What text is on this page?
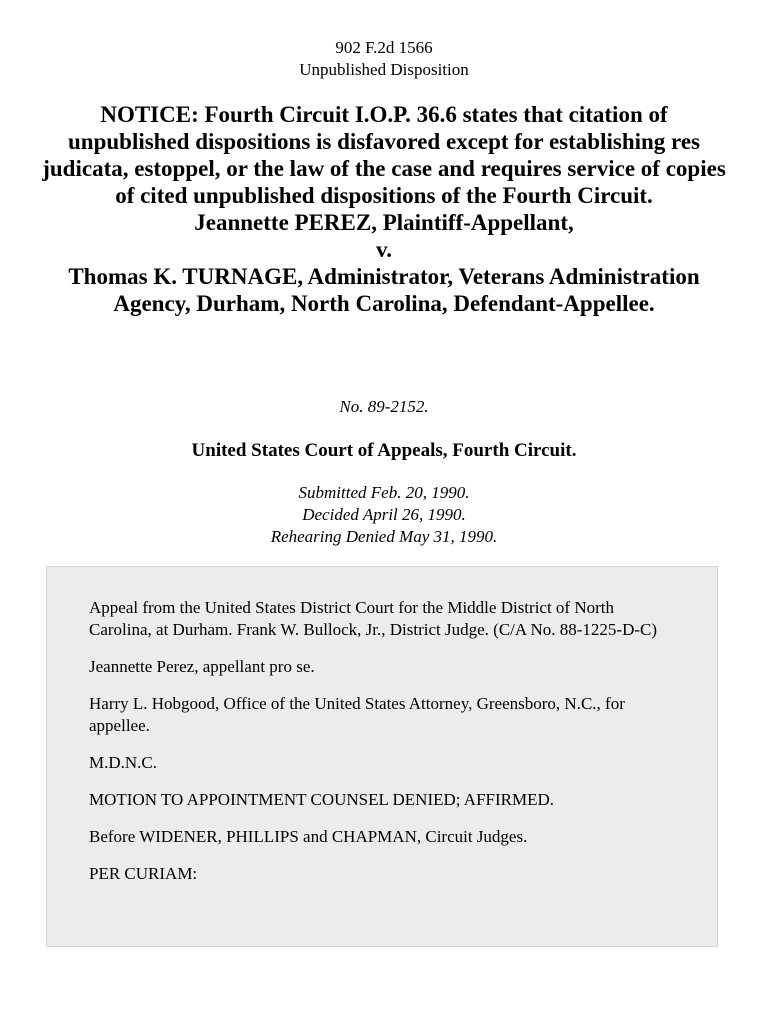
902 F.2d 1566
Unpublished Disposition
NOTICE: Fourth Circuit I.O.P. 36.6 states that citation of unpublished dispositions is disfavored except for establishing res judicata, estoppel, or the law of the case and requires service of copies of cited unpublished dispositions of the Fourth Circuit.
Jeannette PEREZ, Plaintiff-Appellant,
v.
Thomas K. TURNAGE, Administrator, Veterans Administration
Agency, Durham, North Carolina, Defendant-Appellee.
No. 89-2152.
United States Court of Appeals, Fourth Circuit.
Submitted Feb. 20, 1990.
Decided April 26, 1990.
Rehearing Denied May 31, 1990.

Appeal from the United States District Court for the Middle District of North Carolina, at Durham. Frank W. Bullock, Jr., District Judge. (C/A No. 88-1225-D-C)

Jeannette Perez, appellant pro se.

Harry L. Hobgood, Office of the United States Attorney, Greensboro, N.C., for appellee.

M.D.N.C.

MOTION TO APPOINTMENT COUNSEL DENIED; AFFIRMED.

Before WIDENER, PHILLIPS and CHAPMAN, Circuit Judges.

PER CURIAM:
